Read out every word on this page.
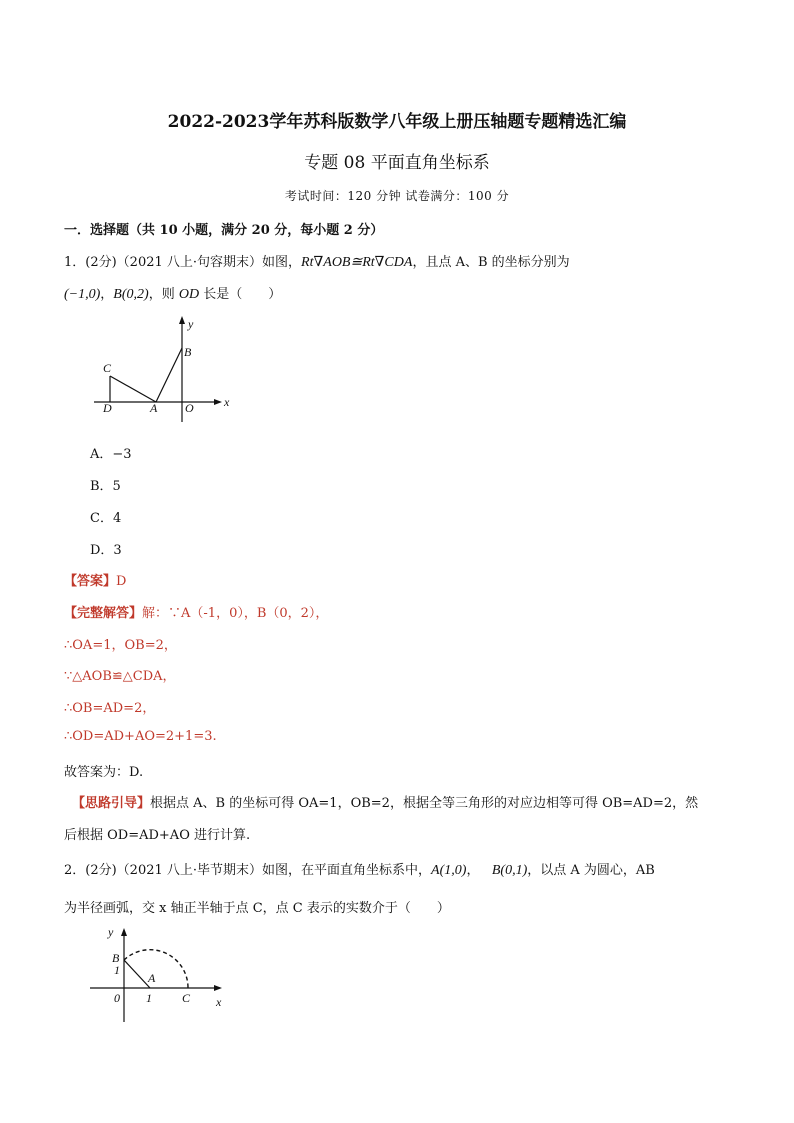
2022-2023学年苏科版数学八年级上册压轴题专题精选汇编
专题 08 平面直角坐标系
考试时间：120 分钟 试卷满分：100 分
一．选择题（共 10 小题，满分 20 分，每小题 2 分）
1．(2分)（2021 八上·句容期末）如图，Rt∇AOB≅Rt∇CDA，且点 A、B 的坐标分别为
(−1,0)，B(0,2)，则 OD 长是（　　）
y
x
B
C
D	A O
A．−3
B．5
C．4
D．3
【答案】D
【完整解答】解：∵A（-1，0），B（0，2），
∴OA=1，OB=2，
∵△AOB≌△CDA，
∴OB=AD=2，
∴OD=AD+AO=2+1=3.
故答案为：D.
【思路引导】根据点 A、B 的坐标可得 OA=1，OB=2，根据全等三角形的对应边相等可得 OB=AD=2，然
后根据 OD=AD+AO 进行计算.
2．(2分)（2021 八上·毕节期末）如图，在平面直角坐标系中，A(1,0)， B(0,1)，以点 A 为圆心，AB
为半径画弧，交 x 轴正半轴于点 C，点 C 表示的实数介于（　　）
y
x
B
1
A
0 1	C
